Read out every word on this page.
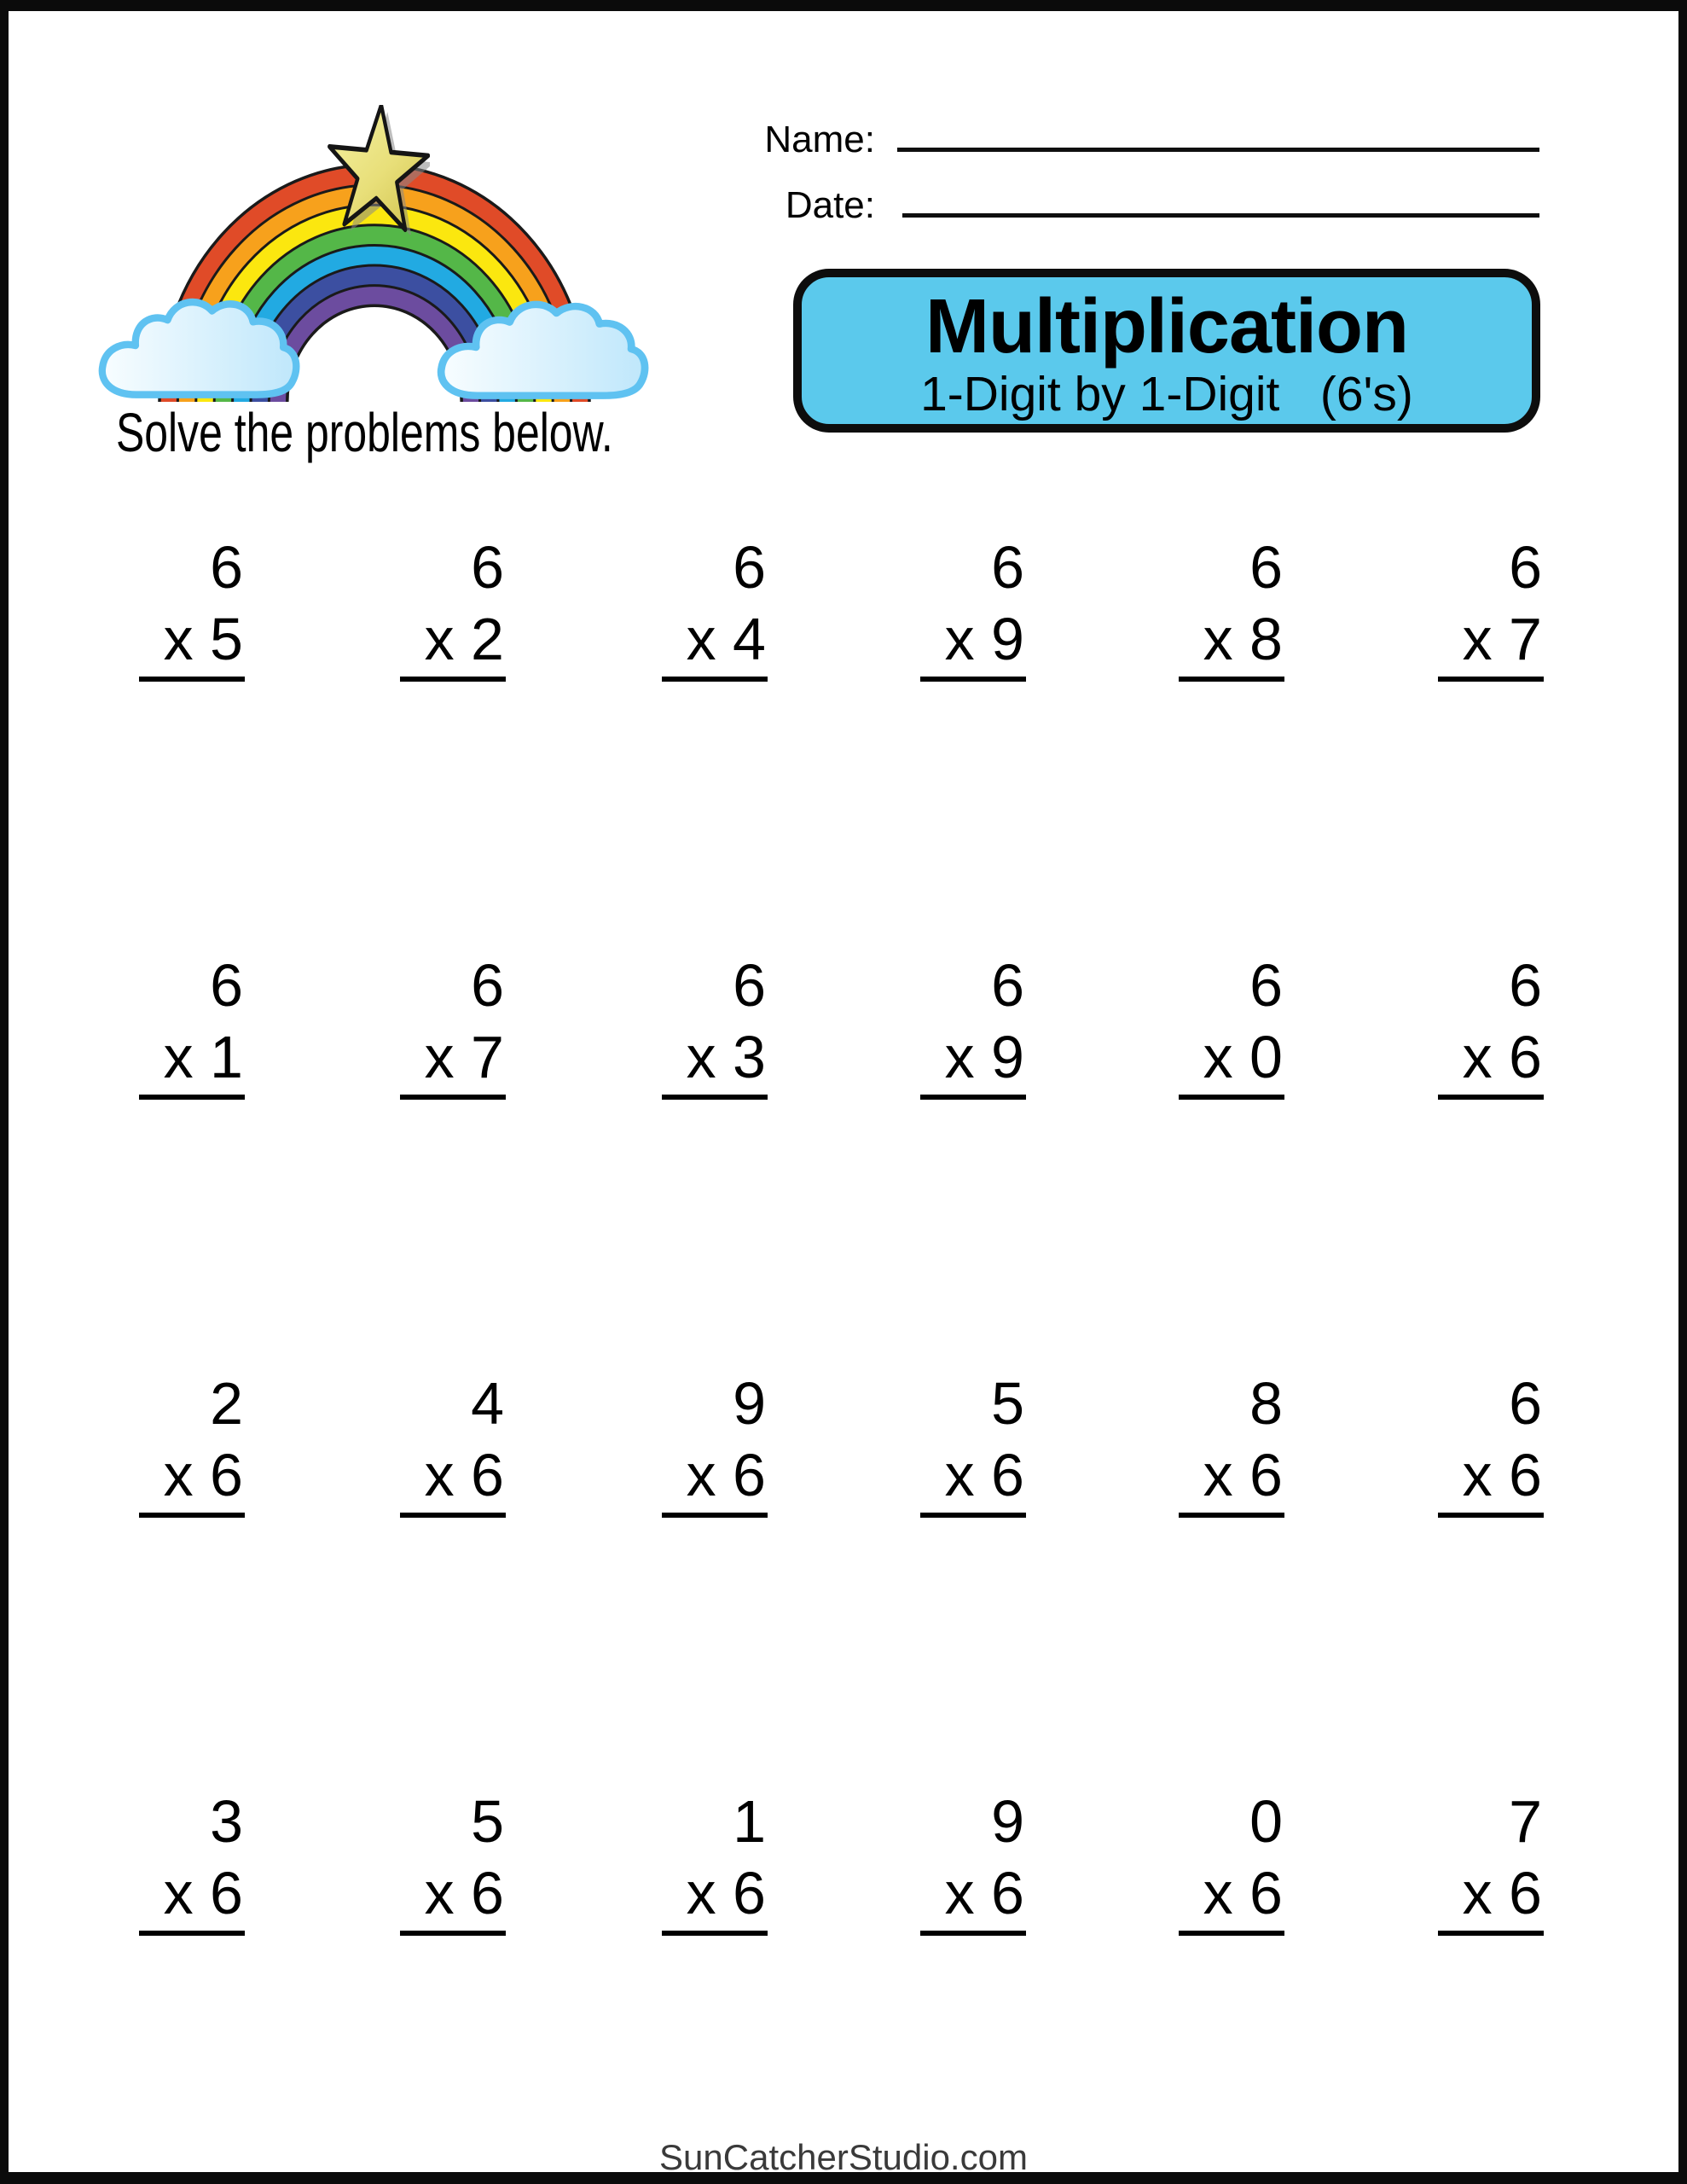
Name:
Date:
Multiplication
1-Digit by 1-Digit   (6's)
Solve the problems below.
6
x 5
6
x 2
6
x 4
6
x 9
6
x 8
6
x 7
6
x 1
6
x 7
6
x 3
6
x 9
6
x 0
6
x 6
2
x 6
4
x 6
9
x 6
5
x 6
8
x 6
6
x 6
3
x 6
5
x 6
1
x 6
9
x 6
0
x 6
7
x 6
SunCatcherStudio.com
